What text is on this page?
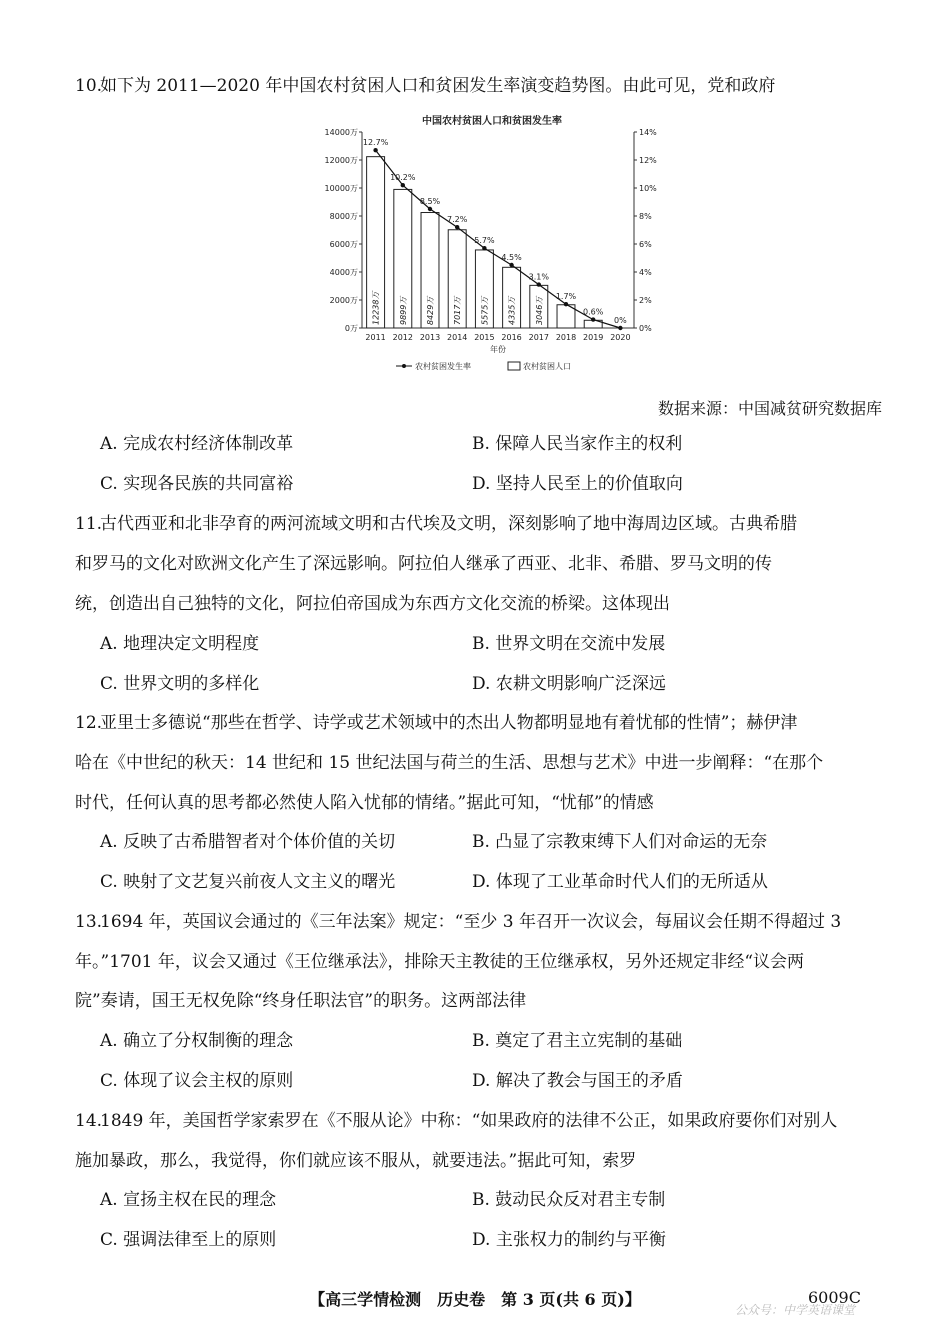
10.
如下为 2011—2020 年中国农村贫困人口和贫困发生率演变趋势图。由此可见，党和政府
中国农村贫困人口和贫困发生率
0万
2000万
4000万
6000万
8000万
10000万
12000万
14000万
0%
2%
4%
6%
8%
10%
12%
14%
12238万
2011
9899万
2012
8429万
2013
7017万
2014
5575万
2015
4335万
2016
3046万
2017 2018 2019 2020
12.7%
10.2%
8.5%
7.2%
5.7%
4.5%
3.1%
1.7%
0.6%
0%
年份
农村贫困发生率	农村贫困人口
数据来源：中国减贫研究数据库
A. 完成农村经济体制改革	B. 保障人民当家作主的权利
C. 实现各民族的共同富裕	D. 坚持人民至上的价值取向
11.
古代西亚和北非孕育的两河流域文明和古代埃及文明，深刻影响了地中海周边区域。古典希腊
和罗马的文化对欧洲文化产生了深远影响。阿拉伯人继承了西亚、北非、希腊、罗马文明的传
统，创造出自己独特的文化，阿拉伯帝国成为东西方文化交流的桥梁。这体现出
A. 地理决定文明程度	B. 世界文明在交流中发展
C. 世界文明的多样化	D. 农耕文明影响广泛深远
12.
亚里士多德说“那些在哲学、诗学或艺术领域中的杰出人物都明显地有着忧郁的性情”；赫伊津
哈在《中世纪的秋天：14 世纪和 15 世纪法国与荷兰的生活、思想与艺术》中进一步阐释：“在那个
时代，任何认真的思考都必然使人陷入忧郁的情绪。”据此可知，“忧郁”的情感
A. 反映了古希腊智者对个体价值的关切	B. 凸显了宗教束缚下人们对命运的无奈
C. 映射了文艺复兴前夜人文主义的曙光	D. 体现了工业革命时代人们的无所适从
13.
1694 年，英国议会通过的《三年法案》规定：“至少 3 年召开一次议会，每届议会任期不得超过 3
年。”1701 年，议会又通过《王位继承法》，排除天主教徒的王位继承权，另外还规定非经“议会两
院”奏请，国王无权免除“终身任职法官”的职务。这两部法律
A. 确立了分权制衡的理念	B. 奠定了君主立宪制的基础
C. 体现了议会主权的原则	D. 解决了教会与国王的矛盾
14.
1849 年，美国哲学家索罗在《不服从论》中称：“如果政府的法律不公正，如果政府要你们对别人
施加暴政，那么，我觉得，你们就应该不服从，就要违法。”据此可知，索罗
A. 宣扬主权在民的理念	B. 鼓动民众反对君主专制
C. 强调法律至上的原则	D. 主张权力的制约与平衡
【高三学情检测　历史卷　第 3 页(共 6 页)】	6009C
公众号：中学英语课堂
